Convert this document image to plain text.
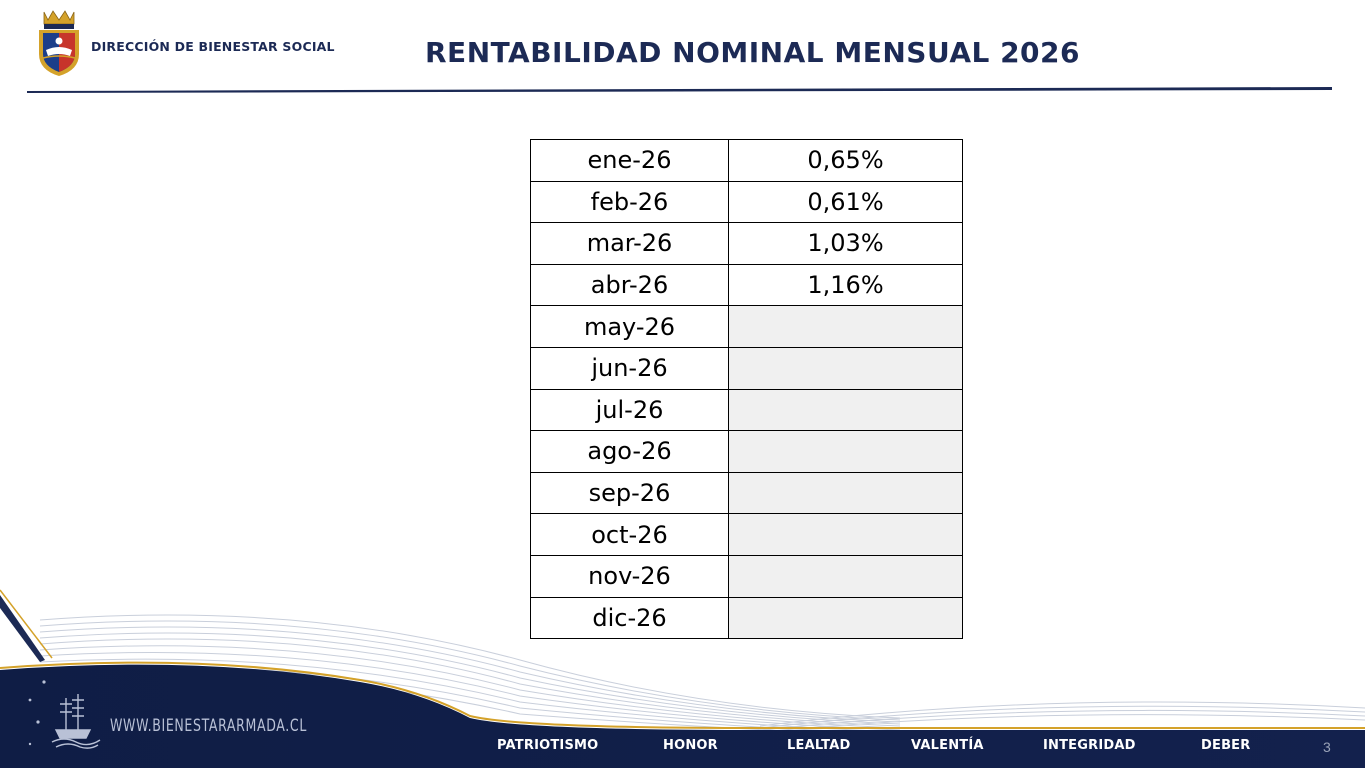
DIRECCIÓN DE BIENESTAR SOCIAL	RENTABILIDAD NOMINAL MENSUAL 2026
ene-26	0,65%
feb-26	0,61%
mar-26	1,03%
abr-26	1,16%
may-26	
jun-26	
jul-26	
ago-26	
sep-26	
oct-26	
nov-26	
dic-26	
WWW.BIENESTARARMADA.CL
PATRIOTISMO	HONOR	LEALTAD	VALENTÍA	INTEGRIDAD	DEBER	3
